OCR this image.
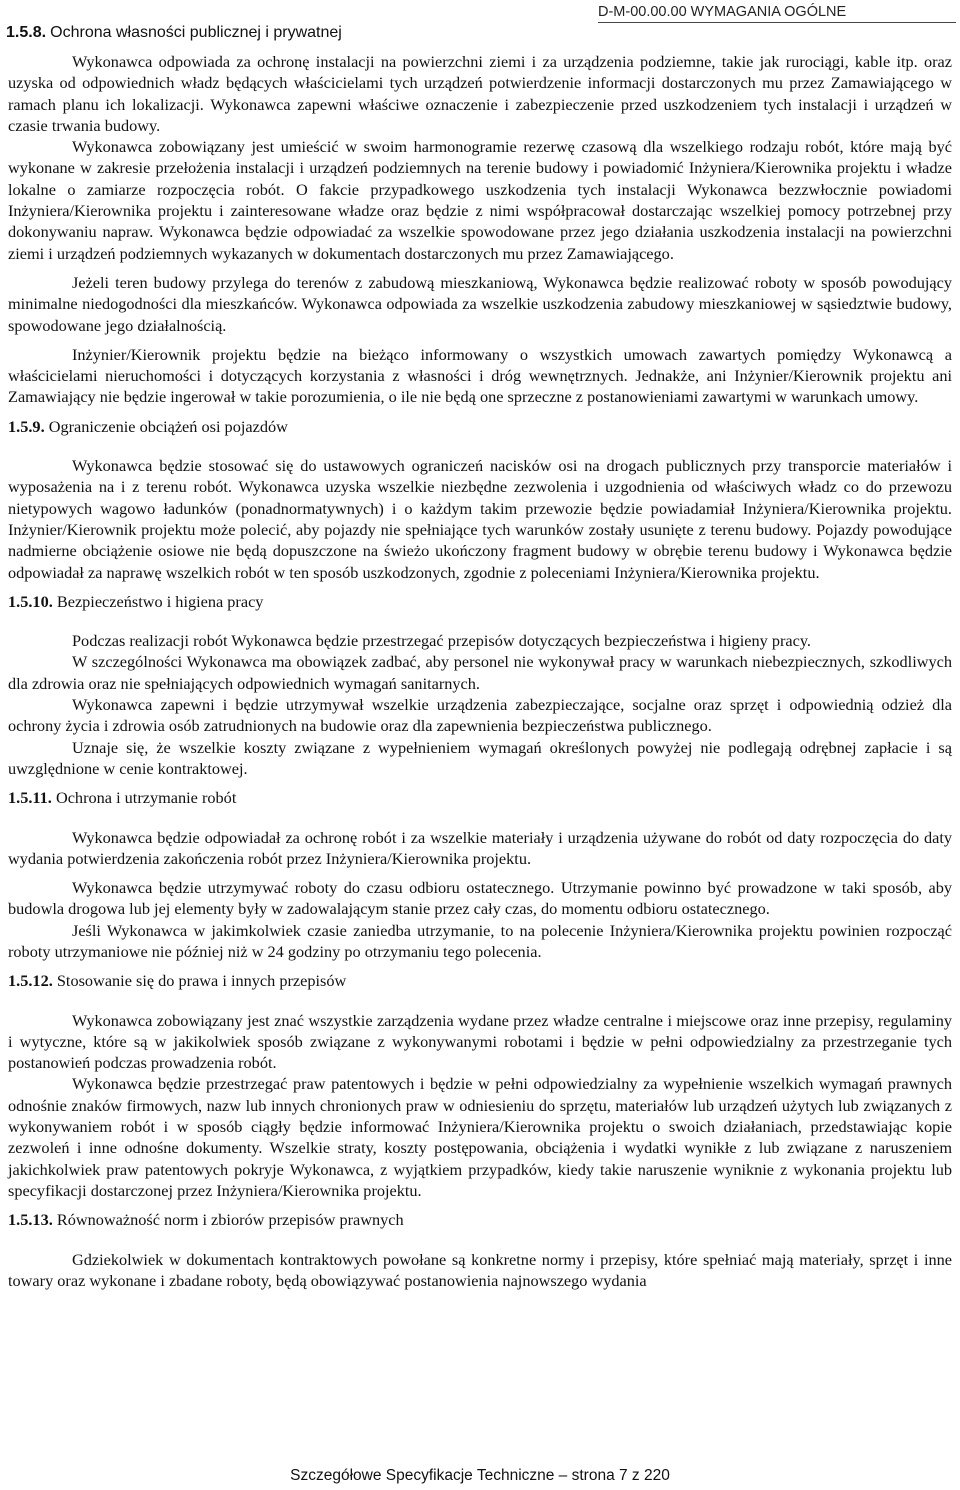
1.5.8. Ochrona własności publicznej i prywatnej
D-M-00.00.00 WYMAGANIA OGÓLNE

Wykonawca odpowiada za ochronę instalacji na powierzchni ziemi i za urządzenia podziemne, takie jak rurociągi, kable itp. oraz uzyska od odpowiednich władz będących właścicielami tych urządzeń potwierdzenie informacji dostarczonych mu przez Zamawiającego w ramach planu ich lokalizacji. Wykonawca zapewni właściwe oznaczenie i zabezpieczenie przed uszkodzeniem tych instalacji i urządzeń w czasie trwania budowy.

Wykonawca zobowiązany jest umieścić w swoim harmonogramie rezerwę czasową dla wszelkiego rodzaju robót, które mają być wykonane w zakresie przełożenia instalacji i urządzeń podziemnych na terenie budowy i powiadomić Inżyniera/Kierownika projektu i władze lokalne o zamiarze rozpoczęcia robót. O fakcie przypadkowego uszkodzenia tych instalacji Wykonawca bezzwłocznie powiadomi Inżyniera/Kierownika projektu i zainteresowane władze oraz będzie z nimi współpracował dostarczając wszelkiej pomocy potrzebnej przy dokonywaniu napraw. Wykonawca będzie odpowiadać za wszelkie spowodowane przez jego działania uszkodzenia instalacji na powierzchni ziemi i urządzeń podziemnych wykazanych w dokumentach dostarczonych mu przez Zamawiającego.

Jeżeli teren budowy przylega do terenów z zabudową mieszkaniową, Wykonawca będzie realizować roboty w sposób powodujący minimalne niedogodności dla mieszkańców. Wykonawca odpowiada za wszelkie uszkodzenia zabudowy mieszkaniowej w sąsiedztwie budowy, spowodowane jego działalnością.

Inżynier/Kierownik projektu będzie na bieżąco informowany o wszystkich umowach zawartych pomiędzy Wykonawcą a właścicielami nieruchomości i dotyczących korzystania z własności i dróg wewnętrznych. Jednakże, ani Inżynier/Kierownik projektu ani Zamawiający nie będzie ingerował w takie porozumienia, o ile nie będą one sprzeczne z postanowieniami zawartymi w warunkach umowy.

1.5.9. Ograniczenie obciążeń osi pojazdów

Wykonawca będzie stosować się do ustawowych ograniczeń nacisków osi na drogach publicznych przy transporcie materiałów i wyposażenia na i z terenu robót. Wykonawca uzyska wszelkie niezbędne zezwolenia i uzgodnienia od właściwych władz co do przewozu nietypowych wagowo ładunków (ponadnormatywnych) i o każdym takim przewozie będzie powiadamiał Inżyniera/Kierownika projektu. Inżynier/Kierownik projektu może polecić, aby pojazdy nie spełniające tych warunków zostały usunięte z terenu budowy. Pojazdy powodujące nadmierne obciążenie osiowe nie będą dopuszczone na świeżo ukończony fragment budowy w obrębie terenu budowy i Wykonawca będzie odpowiadał za naprawę wszelkich robót w ten sposób uszkodzonych, zgodnie z poleceniami Inżyniera/Kierownika projektu.

1.5.10. Bezpieczeństwo i higiena pracy

Podczas realizacji robót Wykonawca będzie przestrzegać przepisów dotyczących bezpieczeństwa i higieny pracy.

W szczególności Wykonawca ma obowiązek zadbać, aby personel nie wykonywał pracy w warunkach niebezpiecznych, szkodliwych dla zdrowia oraz nie spełniających odpowiednich wymagań sanitarnych.

Wykonawca zapewni i będzie utrzymywał wszelkie urządzenia zabezpieczające, socjalne oraz sprzęt i odpowiednią odzież dla ochrony życia i zdrowia osób zatrudnionych na budowie oraz dla zapewnienia bezpieczeństwa publicznego.

Uznaje się, że wszelkie koszty związane z wypełnieniem wymagań określonych powyżej nie podlegają odrębnej zapłacie i są uwzględnione w cenie kontraktowej.

1.5.11. Ochrona i utrzymanie robót

Wykonawca będzie odpowiadał za ochronę robót i za wszelkie materiały i urządzenia używane do robót od daty rozpoczęcia do daty wydania potwierdzenia zakończenia robót przez Inżyniera/Kierownika projektu.

Wykonawca będzie utrzymywać roboty do czasu odbioru ostatecznego. Utrzymanie powinno być prowadzone w taki sposób, aby budowla drogowa lub jej elementy były w zadowalającym stanie przez cały czas, do momentu odbioru ostatecznego.

Jeśli Wykonawca w jakimkolwiek czasie zaniedba utrzymanie, to na polecenie Inżyniera/Kierownika projektu powinien rozpocząć roboty utrzymaniowe nie później niż w 24 godziny po otrzymaniu tego polecenia.

1.5.12. Stosowanie się do prawa i innych przepisów

Wykonawca zobowiązany jest znać wszystkie zarządzenia wydane przez władze centralne i miejscowe oraz inne przepisy, regulaminy i wytyczne, które są w jakikolwiek sposób związane z wykonywanymi robotami i będzie w pełni odpowiedzialny za przestrzeganie tych postanowień podczas prowadzenia robót.

Wykonawca będzie przestrzegać praw patentowych i będzie w pełni odpowiedzialny za wypełnienie wszelkich wymagań prawnych odnośnie znaków firmowych, nazw lub innych chronionych praw w odniesieniu do sprzętu, materiałów lub urządzeń użytych lub związanych z wykonywaniem robót i w sposób ciągły będzie informować Inżyniera/Kierownika projektu o swoich działaniach, przedstawiając kopie zezwoleń i inne odnośne dokumenty. Wszelkie straty, koszty postępowania, obciążenia i wydatki wynikłe z lub związane z naruszeniem jakichkolwiek praw patentowych pokryje Wykonawca, z wyjątkiem przypadków, kiedy takie naruszenie wyniknie z wykonania projektu lub specyfikacji dostarczonej przez Inżyniera/Kierownika projektu.

1.5.13. Równoważność norm i zbiorów przepisów prawnych

Gdziekolwiek w dokumentach kontraktowych powołane są konkretne normy i przepisy, które spełniać mają materiały, sprzęt i inne towary oraz wykonane i zbadane roboty, będą obowiązywać postanowienia najnowszego wydania

Szczegółowe Specyfikacje Techniczne – strona 7 z 220
